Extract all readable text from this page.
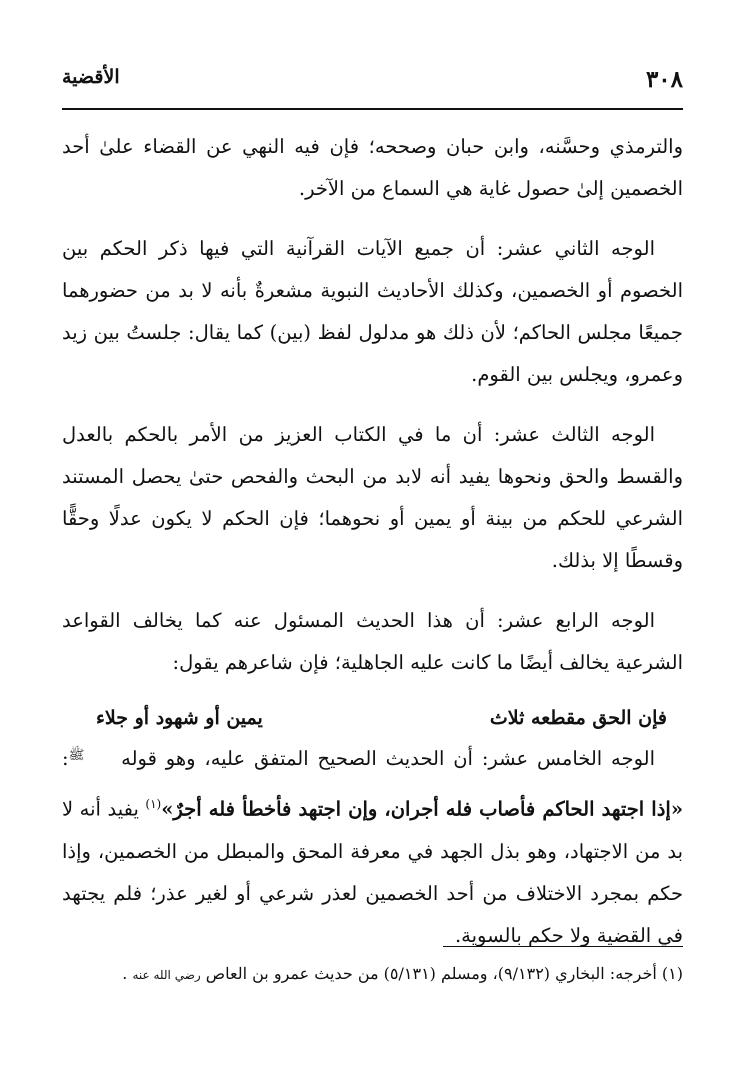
٣٠٨
الأقضية

والترمذي وحسَّنه، وابن حبان وصححه؛ فإن فيه النهي عن القضاء علىٰ أحد الخصمين إلىٰ حصول غاية هي السماع من الآخر.

الوجه الثاني عشر: أن جميع الآيات القرآنية التي فيها ذكر الحكم بين الخصوم أو الخصمين، وكذلك الأحاديث النبوية مشعرةٌ بأنه لا بد من حضورهما جميعًا مجلس الحاكم؛ لأن ذلك هو مدلول لفظ (بين) كما يقال: جلستُ بين زيد وعمرو، ويجلس بين القوم.

الوجه الثالث عشر: أن ما في الكتاب العزيز من الأمر بالحكم بالعدل والقسط والحق ونحوها يفيد أنه لابد من البحث والفحص حتىٰ يحصل المستند الشرعي للحكم من بينة أو يمين أو نحوهما؛ فإن الحكم لا يكون عدلًا وحقًّا وقسطًا إلا بذلك.

الوجه الرابع عشر: أن هذا الحديث المسئول عنه كما يخالف القواعد الشرعية يخالف أيضًا ما كانت عليه الجاهلية؛ فإن شاعرهم يقول:

فإن الحق مقطعه ثلاث
يمين أو شهود أو جلاء

الوجه الخامس عشر: أن الحديث الصحيح المتفق عليه، وهو قوله ﷺ: «إذا اجتهد الحاكم فأصاب فله أجران، وإن اجتهد فأخطأ فله أجرٌ»$^{(١)}$ يفيد أنه لا بد من الاجتهاد، وهو بذل الجهد في معرفة المحق والمبطل من الخصمين، وإذا حكم بمجرد الاختلاف من أحد الخصمين لعذر شرعي أو لغير عذر؛ فلم يجتهد في القضية ولا حكم بالسوية.

(١) أخرجه: البخاري (٩/١٣٢)، ومسلم (٥/١٣١) من حديث عمرو بن العاص رضي الله عنه .
